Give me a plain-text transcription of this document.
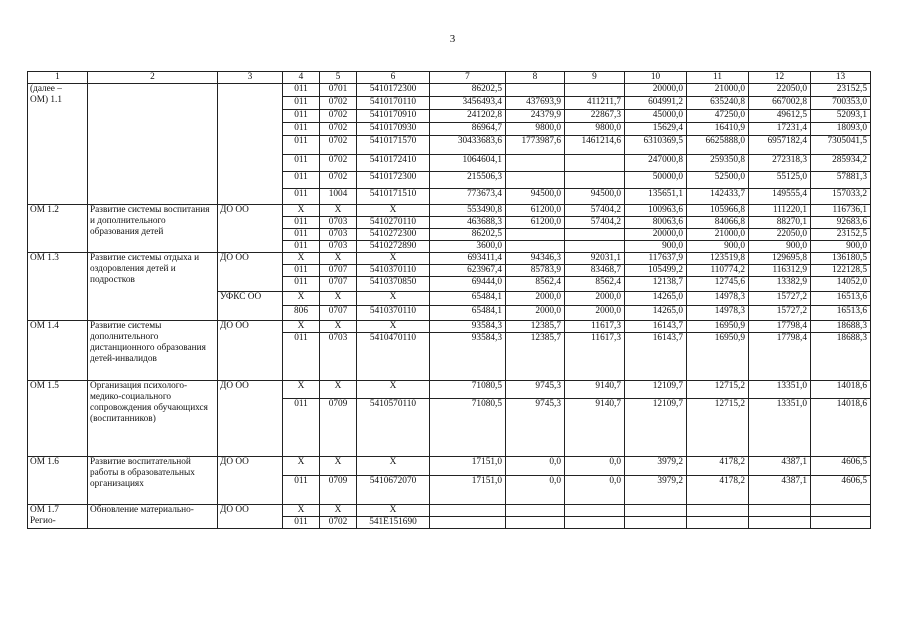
3
1	2	3	4	5	6	7	8	9	10	11	12	13
(далее –
ОМ) 1.1			011	0701	5410172300	86202,5			20000,0	21000,0	22050,0	23152,5
			011	0702	5410170110	3456493,4	437693,9	411211,7	604991,2	635240,8	667002,8	700353,0
			011	0702	5410170910	241202,8	24379,9	22867,3	45000,0	47250,0	49612,5	52093,1
			011	0702	5410170930	86964,7	9800,0	9800,0	15629,4	16410,9	17231,4	18093,0
			011	0702	5410171570	30433683,6	1773987,6	1461214,6	6310369,5	6625888,0	6957182,4	7305041,5
			011	0702	5410172410	1064604,1			247000,8	259350,8	272318,3	285934,2
			011	0702	5410172300	215506,3			50000,0	52500,0	55125,0	57881,3
			011	1004	5410171510	773673,4	94500,0	94500,0	135651,1	142433,7	149555,4	157033,2
ОМ 1.2	Развитие системы воспитания и дополнительного образования детей	ДО ОО	X	X	X	553490,8	61200,0	57404,2	100963,6	105966,8	111220,1	116736,1
			011	0703	5410270110	463688,3	61200,0	57404,2	80063,6	84066,8	88270,1	92683,6
			011	0703	5410272300	86202,5			20000,0	21000,0	22050,0	23152,5
			011	0703	5410272890	3600,0			900,0	900,0	900,0	900,0
ОМ 1.3	Развитие системы отдыха и оздоровления детей и подростков	ДО ОО	X	X	X	693411,4	94346,3	92031,1	117637,9	123519,8	129695,8	136180,5
			011	0707	5410370110	623967,4	85783,9	83468,7	105499,2	110774,2	116312,9	122128,5
			011	0707	5410370850	69444,0	8562,4	8562,4	12138,7	12745,6	13382,9	14052,0
		УФКС ОО	X	X	X	65484,1	2000,0	2000,0	14265,0	14978,3	15727,2	16513,6
			806	0707	5410370110	65484,1	2000,0	2000,0	14265,0	14978,3	15727,2	16513,6
ОМ 1.4	Развитие системы дополнительного дистанционного образования детей-инвалидов	ДО ОО	X	X	X	93584,3	12385,7	11617,3	16143,7	16950,9	17798,4	18688,3
			011	0703	5410470110	93584,3	12385,7	11617,3	16143,7	16950,9	17798,4	18688,3
ОМ 1.5	Организация психолого-медико-социального сопровождения обучающихся (воспитанников)	ДО ОО	X	X	X	71080,5	9745,3	9140,7	12109,7	12715,2	13351,0	14018,6
			011	0709	5410570110	71080,5	9745,3	9140,7	12109,7	12715,2	13351,0	14018,6
ОМ 1.6	Развитие воспитательной работы в образовательных организациях	ДО ОО	X	X	X	17151,0	0,0	0,0	3979,2	4178,2	4387,1	4606,5
			011	0709	5410672070	17151,0	0,0	0,0	3979,2	4178,2	4387,1	4606,5
ОМ 1.7
Регио-	Обновление материально-	ДО ОО	X	X	X							
			011	0702	541E151690							
